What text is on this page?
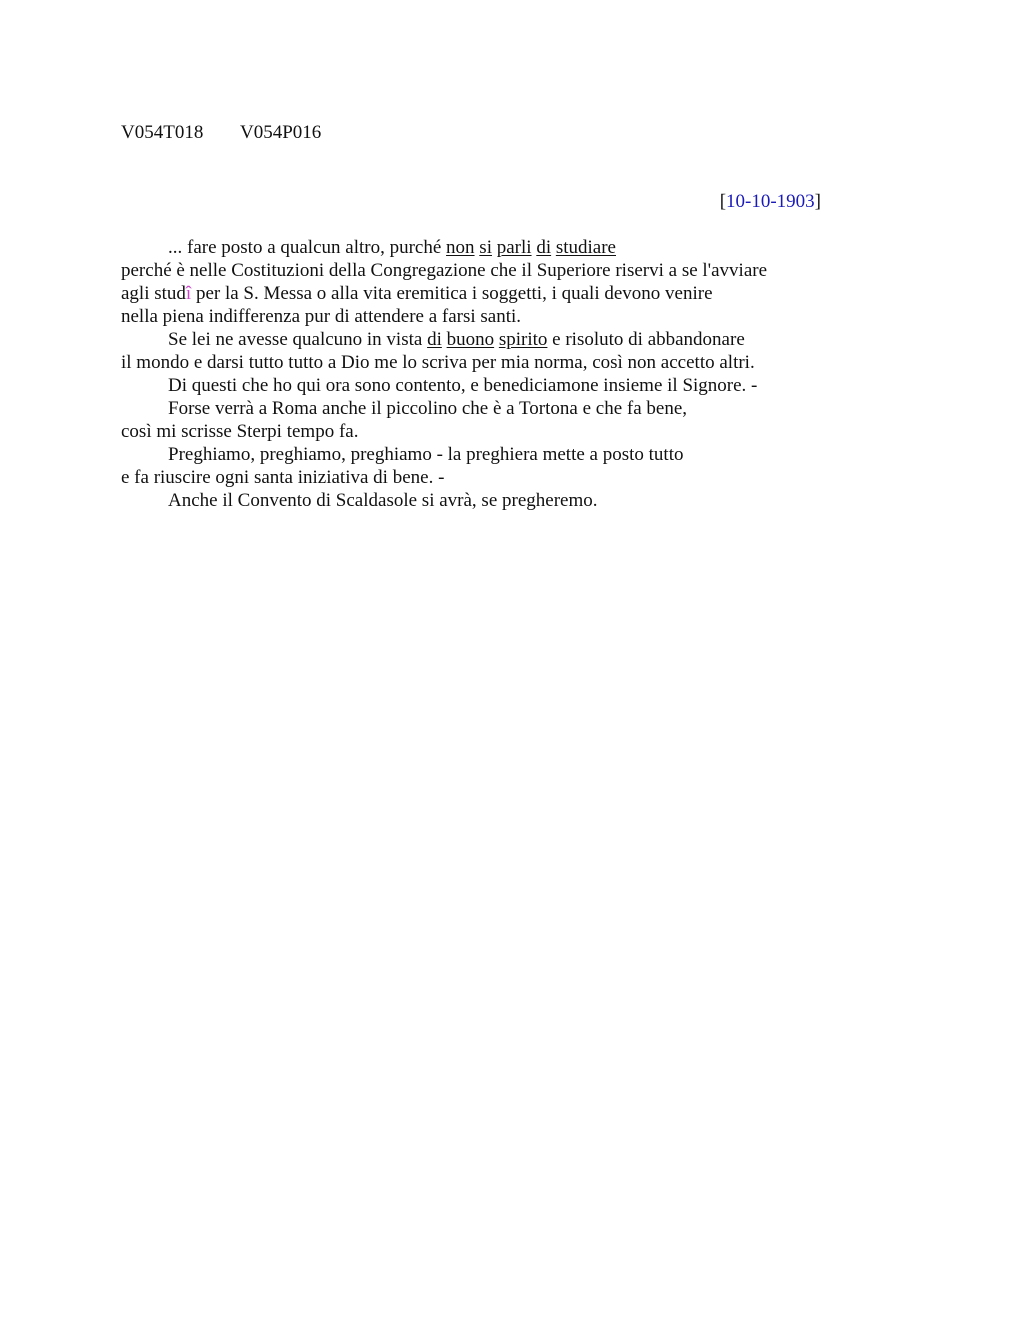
V054T018 V054P016
[10-10-1903]
... fare posto a qualcun altro, purché non si parli di studiare
perché è nelle Costituzioni della Congregazione che il Superiore riservi a se l'avviare
agli studî per la S. Messa o alla vita eremitica i soggetti, i quali devono venire
nella piena indifferenza pur di attendere a farsi santi.
Se lei ne avesse qualcuno in vista di buono spirito e risoluto di abbandonare
il mondo e darsi tutto tutto a Dio me lo scriva per mia norma, così non accetto altri.
Di questi che ho qui ora sono contento, e benediciamone insieme il Signore. -
Forse verrà a Roma anche il piccolino che è a Tortona e che fa bene,
così mi scrisse Sterpi tempo fa.
Preghiamo, preghiamo, preghiamo - la preghiera mette a posto tutto
e fa riuscire ogni santa iniziativa di bene. -
Anche il Convento di Scaldasole si avrà, se pregheremo.
